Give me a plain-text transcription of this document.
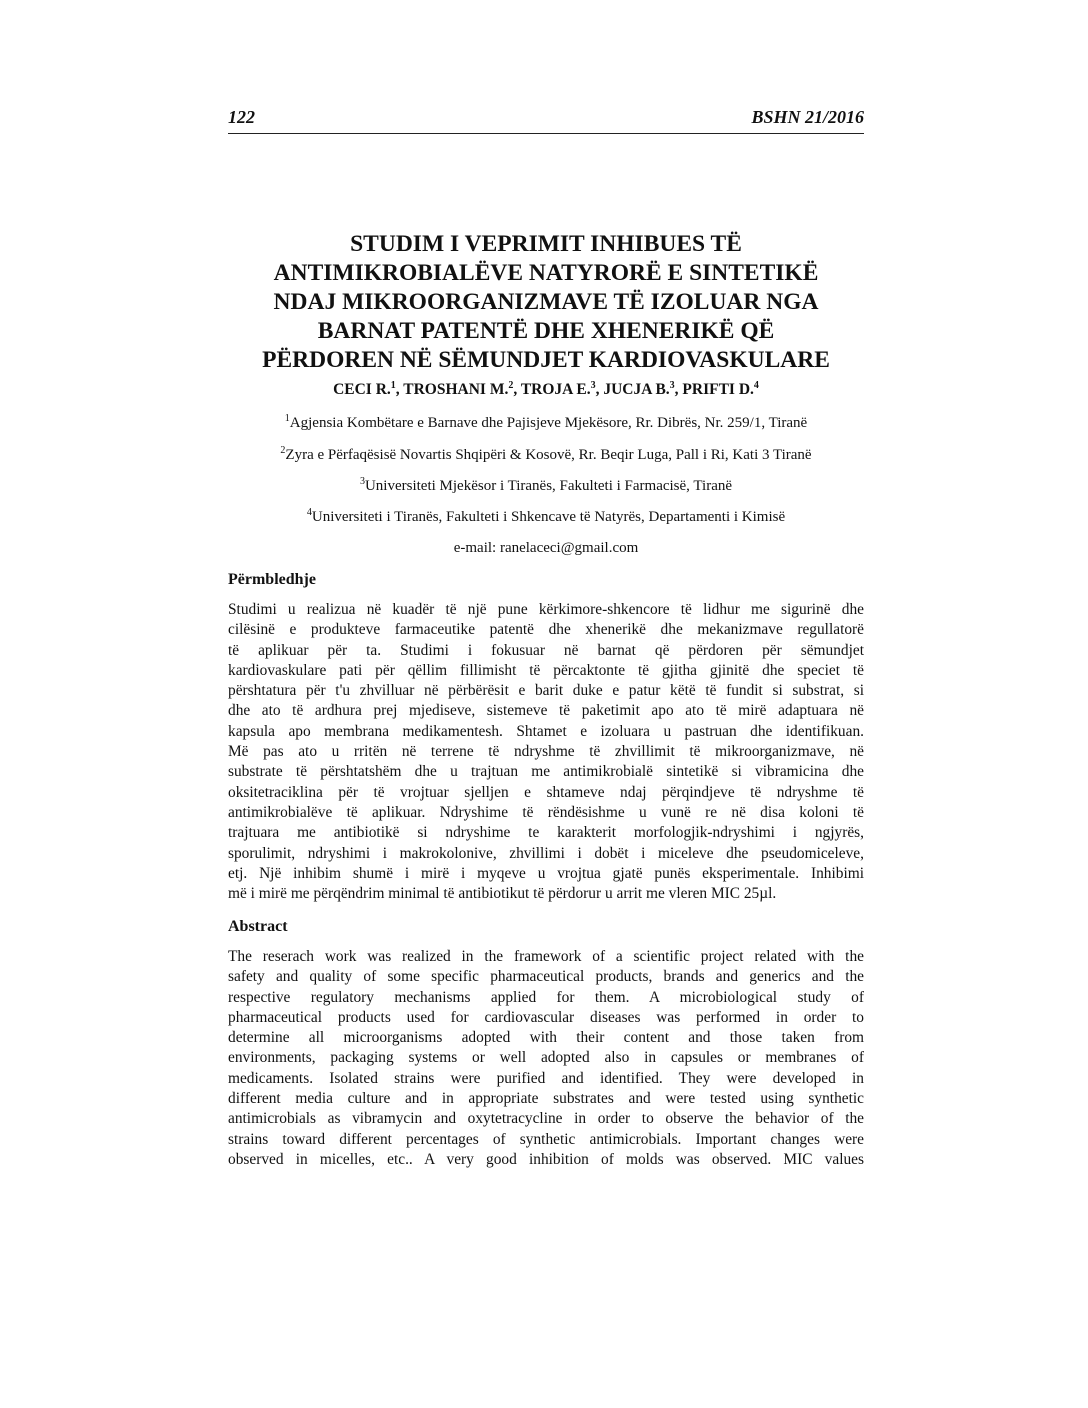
122	BSHN 21/2016
STUDIM I VEPRIMIT INHIBUES TË
ANTIMIKROBIALËVE NATYRORË E SINTETIKË
NDAJ MIKROORGANIZMAVE TË IZOLUAR NGA
BARNAT PATENTË DHE XHENERIKË QË
PËRDOREN NË SËMUNDJET KARDIOVASKULARE
CECI R.$^1$, TROSHANI M.$^2$, TROJA E.$^3$, JUCJA B.$^3$, PRIFTI D.$^4$
$^1$Agjensia Kombëtare e Barnave dhe Pajisjeve Mjekësore, Rr. Dibrës, Nr. 259/1, Tiranë
$^2$Zyra e Përfaqësisë Novartis Shqipëri & Kosovë, Rr. Beqir Luga, Pall i Ri, Kati 3 Tiranë
$^3$Universiteti Mjekësor i Tiranës, Fakulteti i Farmacisë, Tiranë
$^4$Universiteti i Tiranës, Fakulteti i Shkencave të Natyrës, Departamenti i Kimisë
e-mail: ranelaceci@gmail.com
Përmbledhje
Studimi u realizua në kuadër të një pune kërkimore-shkencore të lidhur me sigurinë dhe
cilësinë e produkteve farmaceutike patentë dhe xhenerikë dhe mekanizmave regullatorë
të aplikuar për ta. Studimi i fokusuar në barnat që përdoren për sëmundjet
kardiovaskulare pati për qëllim fillimisht të përcaktonte të gjitha gjinitë dhe speciet të
përshtatura për t'u zhvilluar në përbërësit e barit duke e patur këtë të fundit si substrat, si
dhe ato të ardhura prej mjediseve, sistemeve të paketimit apo ato të mirë adaptuara në
kapsula apo membrana medikamentesh. Shtamet e izoluara u pastruan dhe identifikuan.
Më pas ato u rritën në terrene të ndryshme të zhvillimit të mikroorganizmave, në
substrate të përshtatshëm dhe u trajtuan me antimikrobialë sintetikë si vibramicina dhe
oksitetraciklina për të vrojtuar sjelljen e shtameve ndaj përqindjeve të ndryshme të
antimikrobialëve të aplikuar. Ndryshime të rëndësishme u vunë re në disa koloni të
trajtuara me antibiotikë si ndryshime te karakterit morfologjik-ndryshimi i ngjyrës,
sporulimit, ndryshimi i makrokolonive, zhvillimi i dobët i miceleve dhe pseudomiceleve,
etj. Një inhibim shumë i mirë i myqeve u vrojtua gjatë punës eksperimentale. Inhibimi
më i mirë me përqëndrim minimal të antibiotikut të përdorur u arrit me vleren MIC 25µl.
Abstract
The reserach work was realized in the framework of a scientific project related with the
safety and quality of some specific pharmaceutical products, brands and generics and the
respective regulatory mechanisms applied for them. A microbiological study of
pharmaceutical products used for cardiovascular diseases was performed in order to
determine all microorganisms adopted with their content and those taken from
environments, packaging systems or well adopted also in capsules or membranes of
medicaments. Isolated strains were purified and identified. They were developed in
different media culture and in appropriate substrates and were tested using synthetic
antimicrobials as vibramycin and oxytetracycline in order to observe the behavior of the
strains toward different percentages of synthetic antimicrobials. Important changes were
observed in micelles, etc.. A very good inhibition of molds was observed. MIC values
